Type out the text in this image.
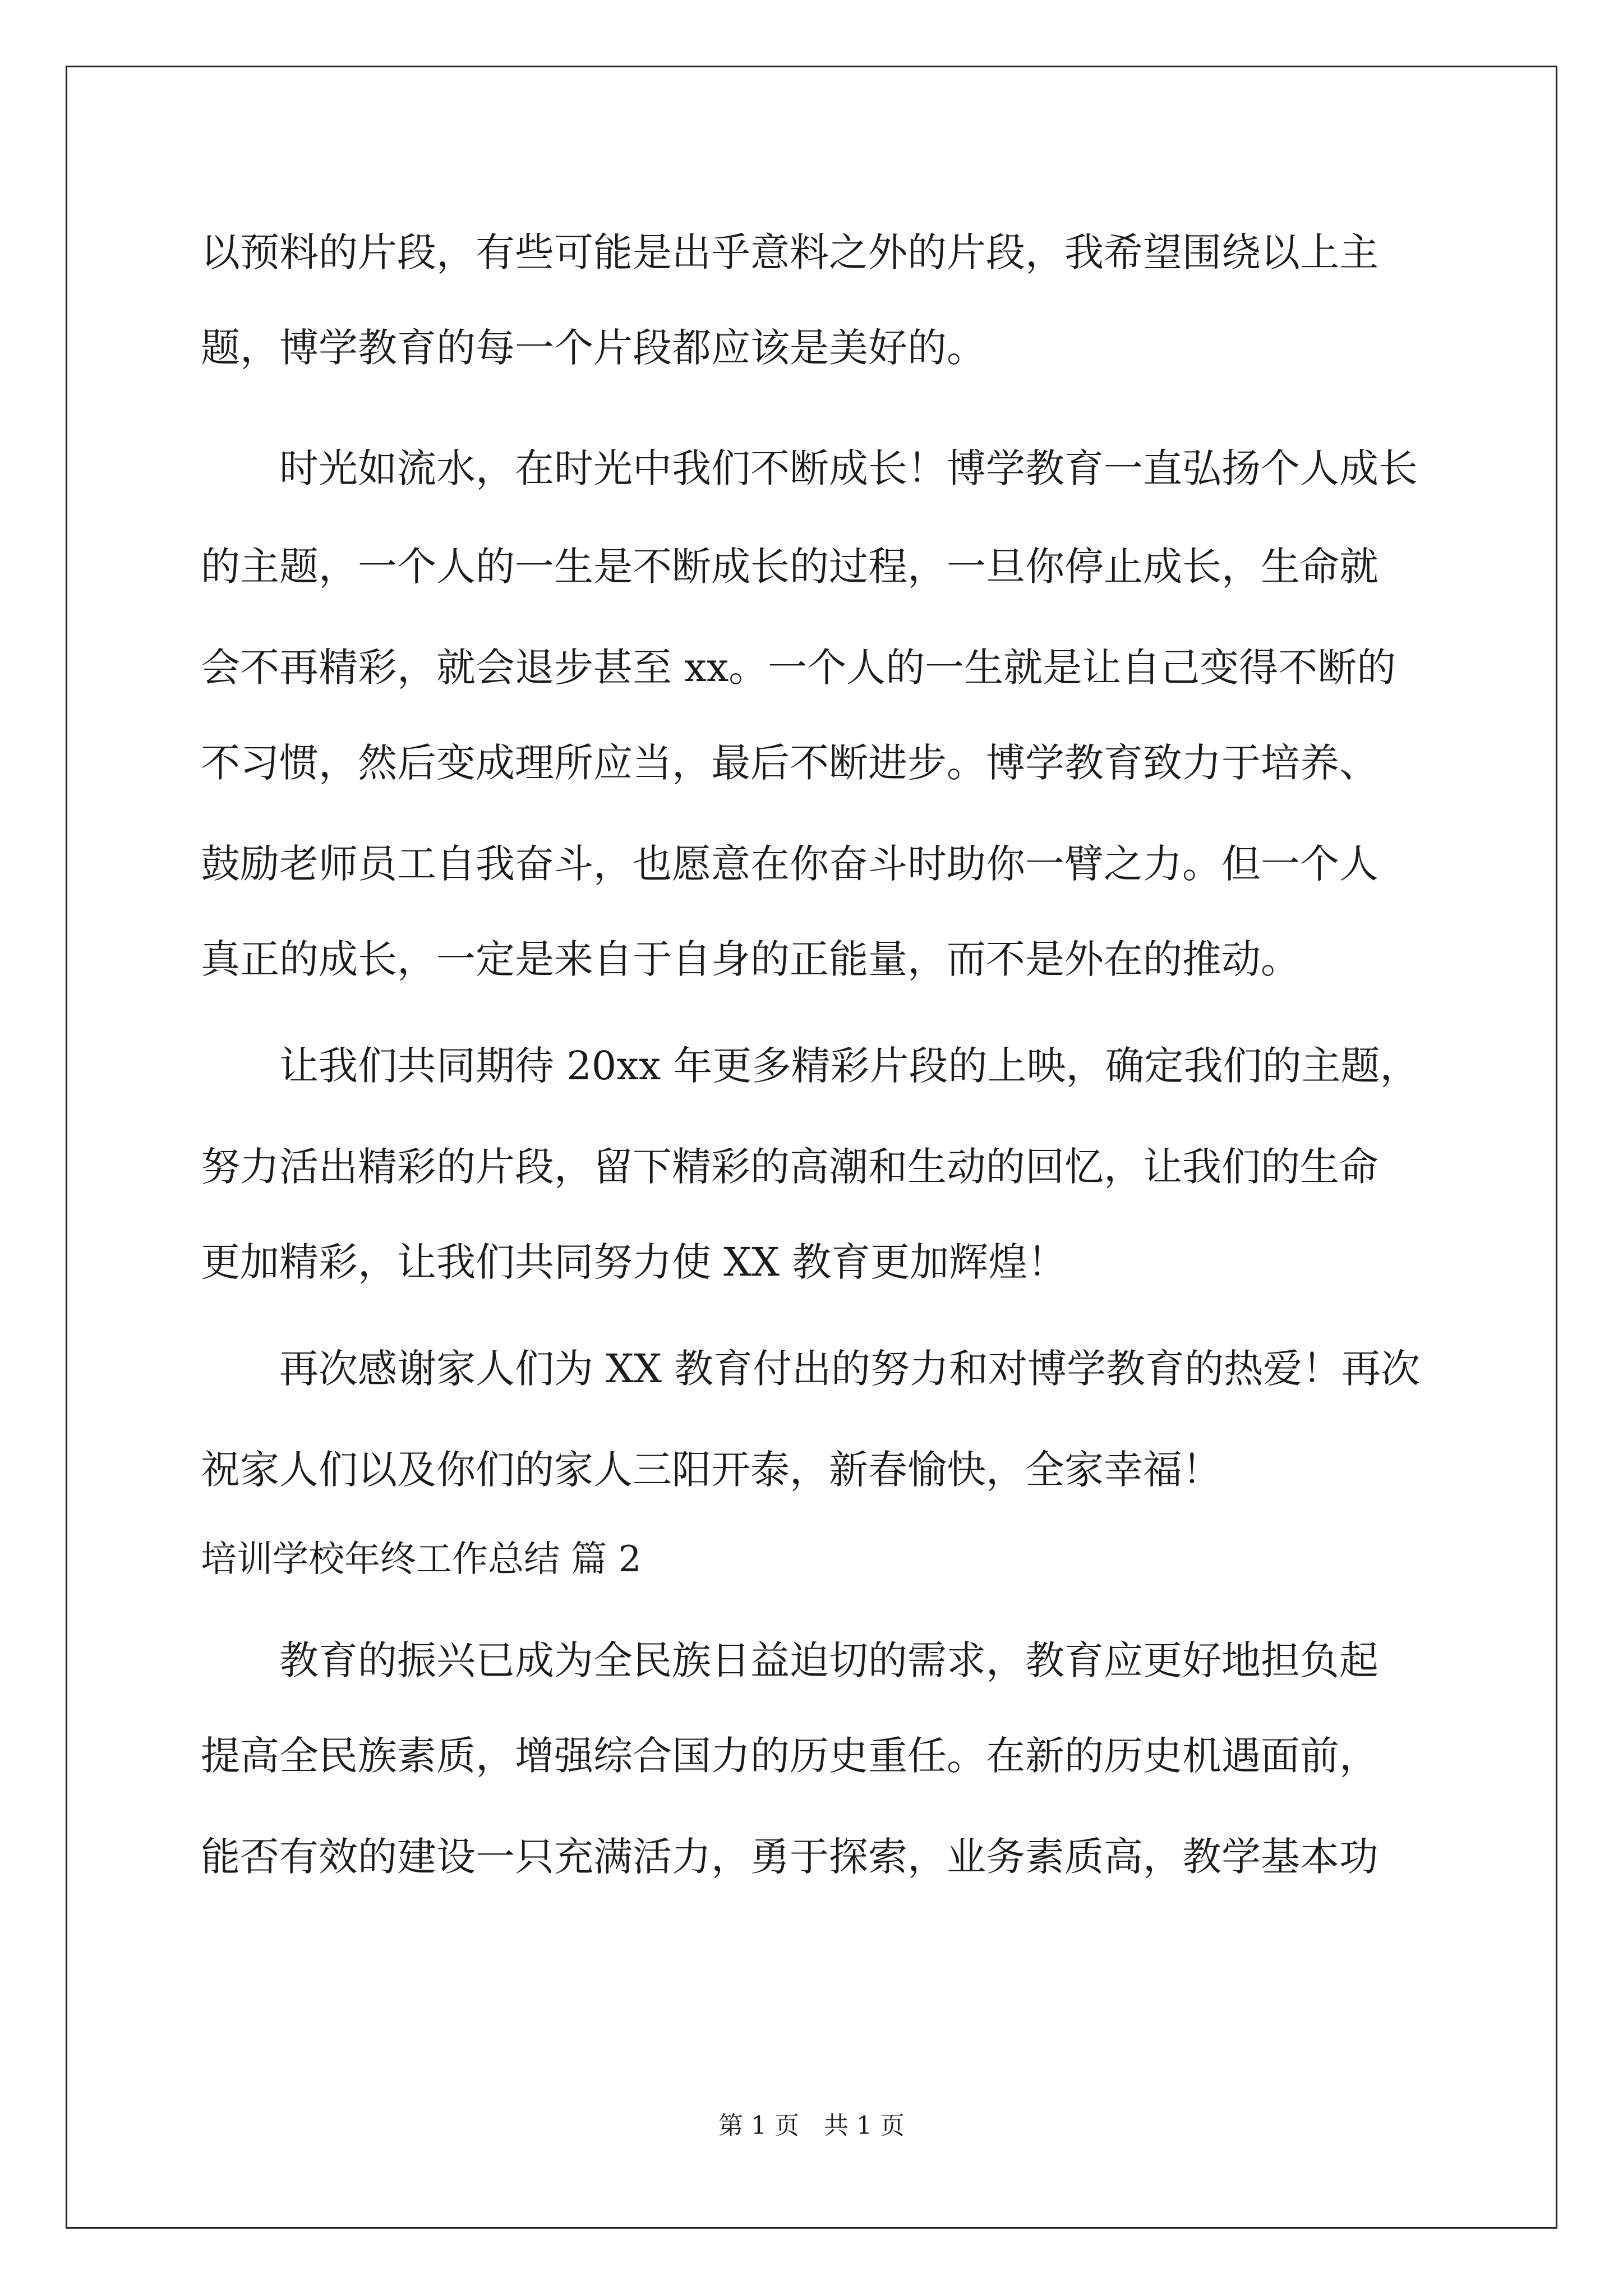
以预料的片段，有些可能是出乎意料之外的片段，我希望围绕以上主
题，博学教育的每一个片段都应该是美好的。
时光如流水，在时光中我们不断成长！博学教育一直弘扬个人成长
的主题，一个人的一生是不断成长的过程，一旦你停止成长，生命就
会不再精彩，就会退步甚至 xx。一个人的一生就是让自己变得不断的
不习惯，然后变成理所应当，最后不断进步。博学教育致力于培养、
鼓励老师员工自我奋斗，也愿意在你奋斗时助你一臂之力。但一个人
真正的成长，一定是来自于自身的正能量，而不是外在的推动。
让我们共同期待 20xx 年更多精彩片段的上映，确定我们的主题，
努力活出精彩的片段，留下精彩的高潮和生动的回忆，让我们的生命
更加精彩，让我们共同努力使 XX 教育更加辉煌！
再次感谢家人们为 XX 教育付出的努力和对博学教育的热爱！再次
祝家人们以及你们的家人三阳开泰，新春愉快，全家幸福！
培训学校年终工作总结 篇 2
教育的振兴已成为全民族日益迫切的需求，教育应更好地担负起
提高全民族素质，增强综合国力的历史重任。在新的历史机遇面前，
能否有效的建设一只充满活力，勇于探索，业务素质高，教学基本功
第 1 页　共 1 页
